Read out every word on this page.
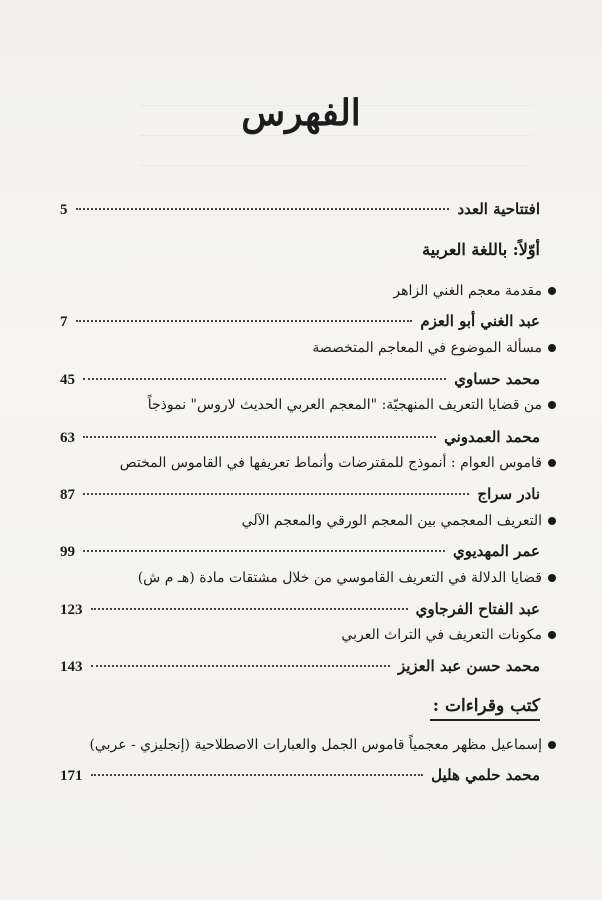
الفهرس
افتتاحية العدد
5
أوّلاً: باللغة العربية
مقدمة معجم الغني الزاهر
عبد الغني أبو العزم
7
مسألة الموضوع في المعاجم المتخصصة
محمد حساوي
45
من قضايا التعريف المنهجيّة: "المعجم العربي الحديث لاروس" نموذجاً
محمد العمدوني
63
قاموس العوام : أنموذج للمقترضات وأنماط تعريفها في القاموس المختص
نادر سراج
87
التعريف المعجمي بين المعجم الورقي والمعجم الآلي
عمر المهديوي
99
قضايا الدلالة في التعريف القاموسي من خلال مشتقات مادة (هـ م ش)
عبد الفتاح الفرجاوي
123
مكونات التعريف في التراث العربي
محمد حسن عبد العزيز
143
كتب وقراءات :
إسماعيل مظهر معجمياً قاموس الجمل والعبارات الاصطلاحية (إنجليزي - عربي)
محمد حلمي هليل
171
